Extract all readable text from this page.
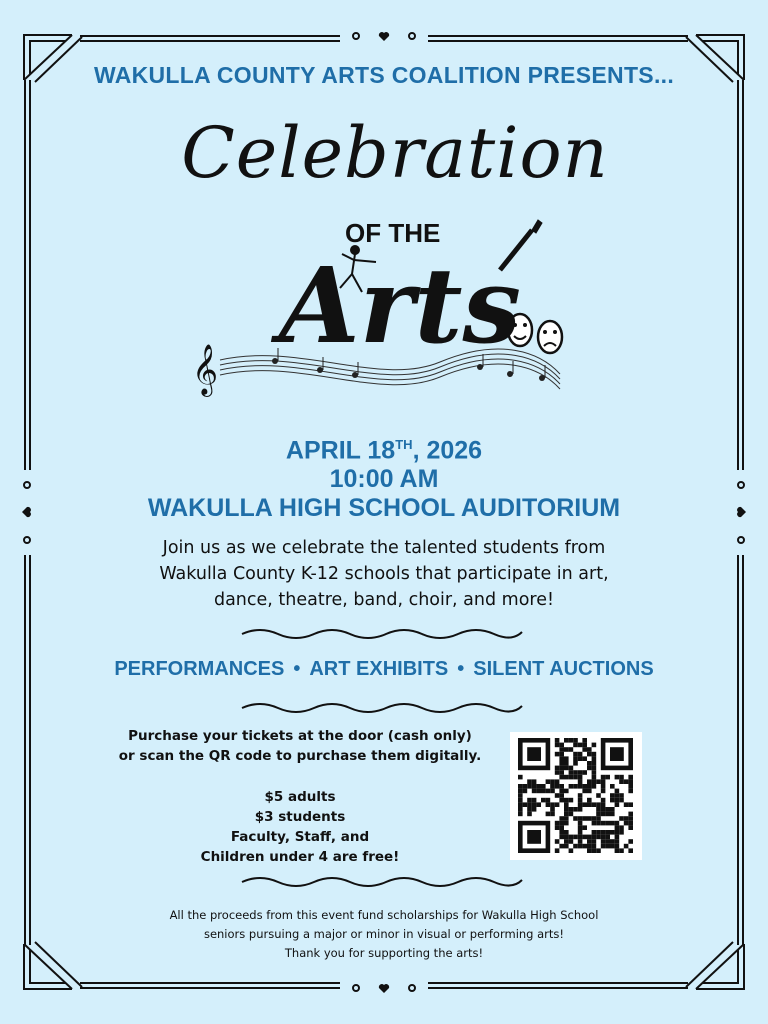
WAKULLA COUNTY ARTS COALITION PRESENTS...
𝄞
Celebration
OF THE
Arts
APRIL 18TH, 2026
10:00 AM
WAKULLA HIGH SCHOOL AUDITORIUM
Join us as we celebrate the talented students from
Wakulla County K-12 schools that participate in art,
dance, theatre, band, choir, and more!
PERFORMANCES • ART EXHIBITS • SILENT AUCTIONS
Purchase your tickets at the door (cash only)
or scan the QR code to purchase them digitally.
$5 adults
$3 students
Faculty, Staff, and
Children under 4 are free!
All the proceeds from this event fund scholarships for Wakulla High School
seniors pursuing a major or minor in visual or performing arts!
Thank you for supporting the arts!
